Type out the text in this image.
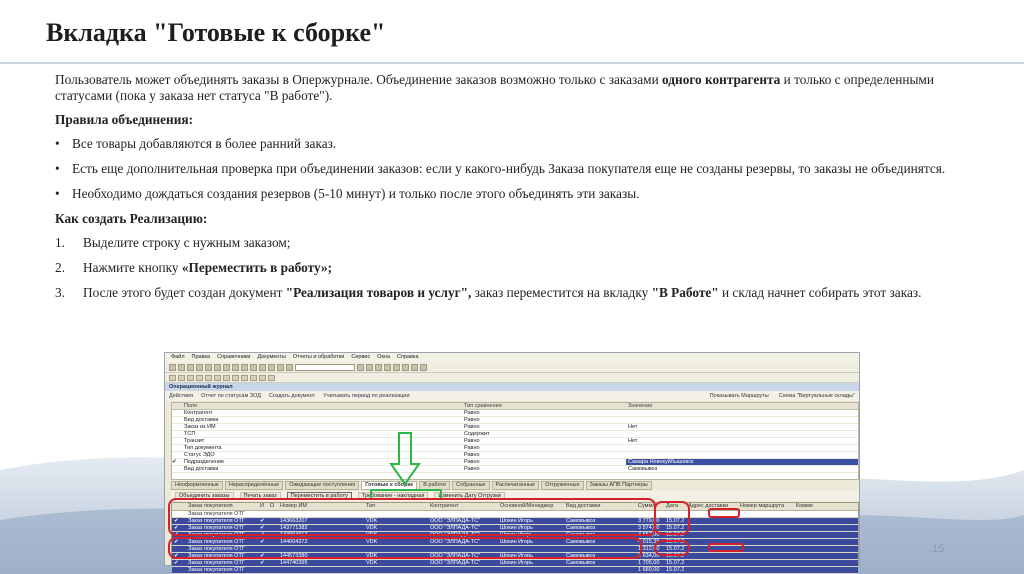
Вкладка "Готовые к сборке"

Пользователь может объединять заказы в Опержурнале. Объединение заказов возможно только с заказами одного контрагента и только с определенными статусами (пока у заказа нет статуса "В работе").

Правила объединения:

• Все товары добавляются в более ранний заказ.
• Есть еще дополнительная проверка при объединении заказов: если у какого-нибудь Заказа покупателя еще не созданы резервы, то заказы не объединятся.
• Необходимо дождаться создания резервов (5-10 минут) и только после этого объединять эти заказы.

Как создать Реализацию:

1. Выделите строку с нужным заказом;
2. Нажмите кнопку «Переместить в работу»;
3. После этого будет создан документ "Реализация товаров и услуг", заказ переместится на вкладку "В Работе" и склад начнет собирать этот заказ.
Файл Правка Справочники Документы Отчеты и обработки Сервис Окна Справка
Операционный журнал
Действия Отчет по статусам ЗОД Создать документ Учитывать период по реализации	Показывать Маршруты Схема "Виртуальные склады"
Поле	Тип сравнения	Значение
Контрагент	Равно
Вид доставки	Равно
Заказ из ИМ	Равно	Нет
ТСП	Содержит
Транзит	Равно	Нет
Тип документа	Равно
Статус ЭДО	Равно
✔	Подразделение	Равно	Самара Новокуйбышевск
Вид доставки	Равно	Самовывоз
Неоформленные	Нераспределённые	Ожидающие поступления	Готовые к сборке	В работе	Собранные	Распечатанные	Отгруженные	Заказы АПВ Партнеры
Объединить заказы	Печать заказ	Переместить в работу	Требование - накладная	Изменить Дату Отгрузки
Заказ покупателя	И	О	Номер ИМ	Тип	Контрагент	Основной/Менеджер	Вид доставки	Сумма	Дата	Адрес доставки	Номер маршрута	Комме
Заказ покупателя ОТГ
✔	Заказ покупателя ОТГ	✔	143663207	VDK	ООО "ЭЛПАДА-ТС"	Шокин Игорь	Самовывоз	3 779,00	15.07.2
✔	Заказ покупателя ОТГ	✔	143771382	VDK	ООО "ЭЛПАДА-ТС"	Шокин Игорь	Самовывоз	3 574,00	15.07.2
✔	Заказ покупателя ОТГ	✔	143964912	VDK	ООО "ЭЛПАДА-ТС"	Шокин Игорь	Самовывоз	4 557,00	15.07.2
✔	Заказ покупателя ОТГ	✔	144004372	VDK	ООО "ЭЛПАДА-ТС"	Шокин Игорь	Самовывоз	4 015,35	15.07.2
Заказ покупателя ОТГ	1 312,00	15.07.2
✔	Заказ покупателя ОТГ	✔	144573380	VDK	ООО "ЭЛПАДА-ТС"	Шокин Игорь	Самовывоз	2 634,00	15.07.2
✔	Заказ покупателя ОТГ	✔	144740395	VDK	ООО "ЭЛПАДА-ТС"	Шокин Игорь	Самовывоз	1 705,00	15.07.2
Заказ покупателя ОТГ	1 680,00	15.07.2
15
